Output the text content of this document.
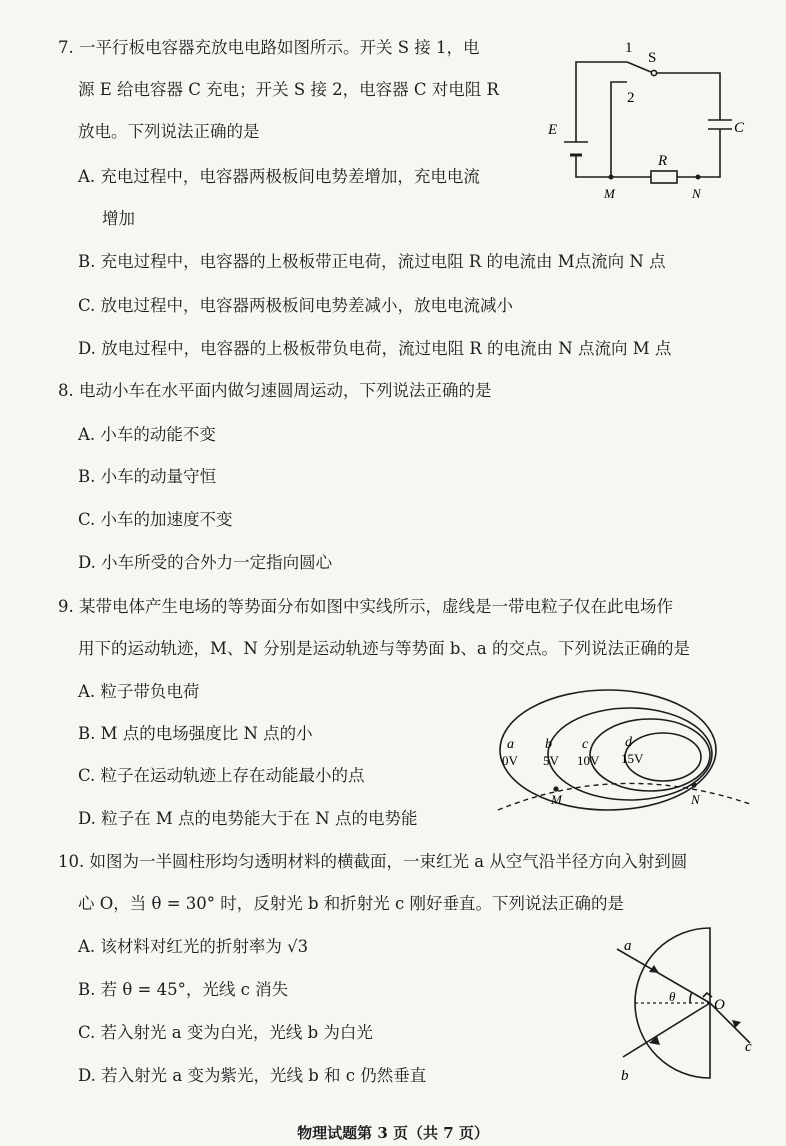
7. 一平行板电容器充放电电路如图所示。开关 S 接 1，电
源 E 给电容器 C 充电；开关 S 接 2，电容器 C 对电阻 R
放电。下列说法正确的是
A. 充电过程中，电容器两极板间电势差增加，充电电流
增加
B. 充电过程中，电容器的上极板带正电荷，流过电阻 R 的电流由 M点流向 N 点
C. 放电过程中，电容器两极板间电势差减小，放电电流减小
D. 放电过程中，电容器的上极板带负电荷，流过电阻 R 的电流由 N 点流向 M 点
1
S
2
E	C
R
M	N
8. 电动小车在水平面内做匀速圆周运动，下列说法正确的是
A. 小车的动能不变
B. 小车的动量守恒
C. 小车的加速度不变
D. 小车所受的合外力一定指向圆心
9. 某带电体产生电场的等势面分布如图中实线所示，虚线是一带电粒子仅在此电场作
用下的运动轨迹，M、N 分别是运动轨迹与等势面 b、a 的交点。下列说法正确的是
A. 粒子带负电荷
B. M 点的电场强度比 N 点的小
C. 粒子在运动轨迹上存在动能最小的点
D. 粒子在 M 点的电势能大于在 N 点的电势能
a
0V
b
5V
c
10V
d
15V
M	N
10. 如图为一半圆柱形均匀透明材料的横截面，一束红光 a 从空气沿半径方向入射到圆
心 O，当 θ = 30° 时，反射光 b 和折射光 c 刚好垂直。下列说法正确的是
A. 该材料对红光的折射率为 √3
B. 若 θ = 45°，光线 c 消失
C. 若入射光 a 变为白光，光线 b 为白光
D. 若入射光 a 变为紫光，光线 b 和 c 仍然垂直
a
θ
O
b
c
物理试题第 3 页（共 7 页）
